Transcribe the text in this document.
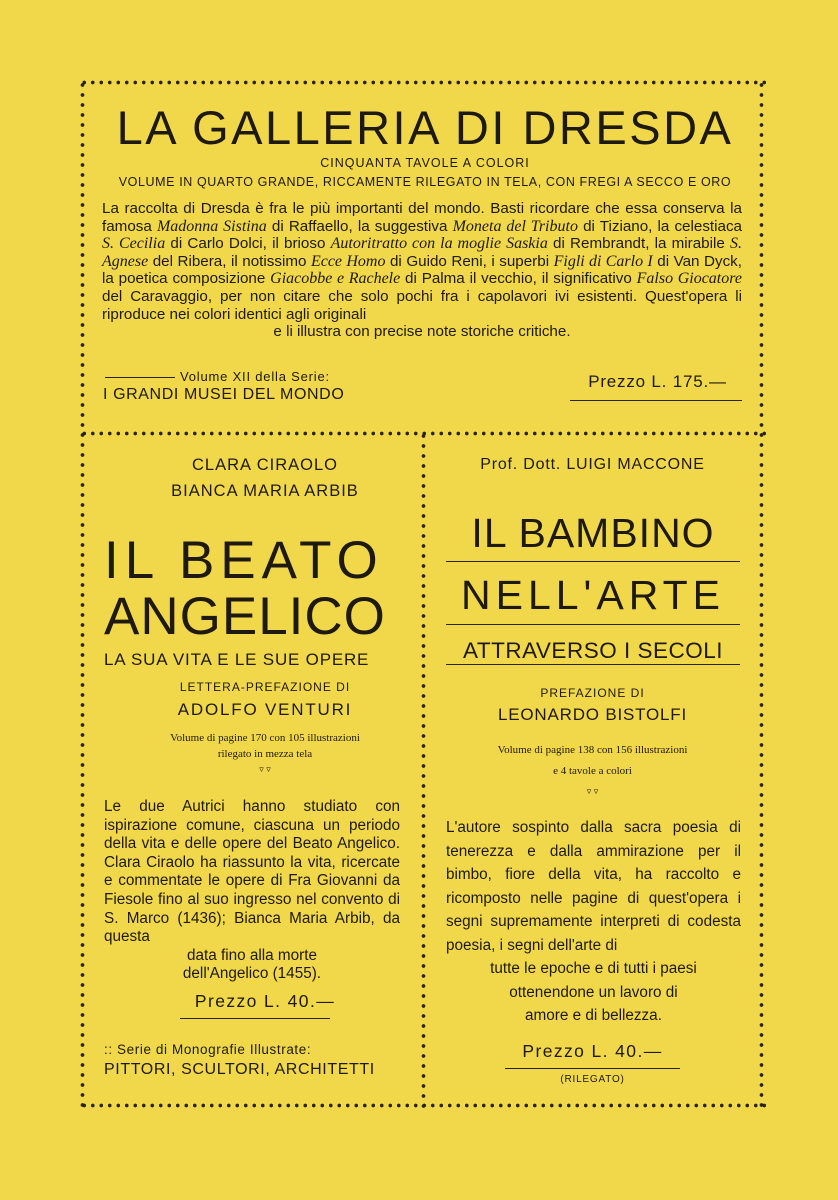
LA GALLERIA DI DRESDA
CINQUANTA TAVOLE A COLORI
VOLUME IN QUARTO GRANDE, RICCAMENTE RILEGATO IN TELA, CON FREGI A SECCO E ORO
La raccolta di Dresda è fra le più importanti del mondo. Basti ricordare che essa conserva la famosa Madonna Sistina di Raffaello, la suggestiva Moneta del Tributo di Tiziano, la celestiaca S. Cecilia di Carlo Dolci, il brioso Autoritratto con la moglie Saskia di Rembrandt, la mirabile S. Agnese del Ribera, il notissimo Ecce Homo di Guido Reni, i superbi Figli di Carlo I di Van Dyck, la poetica composizione Giacobbe e Rachele di Palma il vecchio, il significativo Falso Giocatore del Caravaggio, per non citare che solo pochi fra i capolavori ivi esistenti. Quest'opera li riproduce nei colori identici agli originali
e li illustra con precise note storiche critiche.
Volume XII della Serie:
I GRANDI MUSEI DEL MONDO
Prezzo L. 175.—
CLARA CIRAOLO
BIANCA MARIA ARBIB
IL BEATO
ANGELICO
LA SUA VITA E LE SUE OPERE
LETTERA-PREFAZIONE DI
ADOLFO VENTURI
Volume di pagine 170 con 105 illustrazioni
rilegato in mezza tela
▿ ▿
Le due Autrici hanno studiato con ispirazione comune, ciascuna un periodo della vita e delle opere del Beato Angelico. Clara Ciraolo ha riassunto la vita, ricercate e commentate le opere di Fra Giovanni da Fiesole fino al suo ingresso nel convento di S. Marco (1436); Bianca Maria Arbib, da questa
data fino alla morte
dell'Angelico (1455).
Prezzo L. 40.—
:: Serie di Monografie Illustrate:
PITTORI, SCULTORI, ARCHITETTI
Prof. Dott. LUIGI MACCONE
IL BAMBINO
NELL'ARTE
ATTRAVERSO I SECOLI
PREFAZIONE DI
LEONARDO BISTOLFI
Volume di pagine 138 con 156 illustrazioni
e 4 tavole a colori
▿ ▿
L'autore sospinto dalla sacra poesia di tenerezza e dalla ammirazione per il bimbo, fiore della vita, ha raccolto e ricomposto nelle pagine di quest'opera i segni supremamente interpreti di codesta poesia, i segni dell'arte di
tutte le epoche e di tutti i paesi
ottenendone un lavoro di
amore e di bellezza.
Prezzo L. 40.—
(RILEGATO)
